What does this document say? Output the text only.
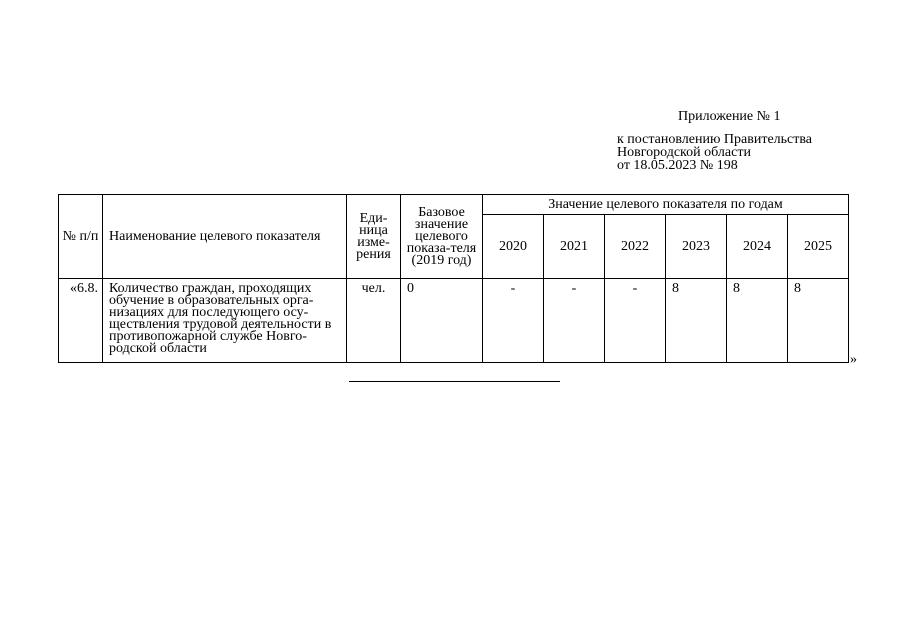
Приложение № 1
к постановлению Правительства
Новгородской области
от 18.05.2023 № 198
№ п/п	Наименование целевого показателя	Еди-ница изме-рения	Базовое значение целевого показа-теля (2019 год)	Значение целевого показателя по годам					
				2020	2021	2022	2023	2024	2025
«6.8.	Количество граждан, проходящих обучение в образовательных орга-низациях для последующего осу-ществления трудовой деятельности в противопожарной службе Новго-родской области	чел.	0	-	-	-	8	8	8
»
